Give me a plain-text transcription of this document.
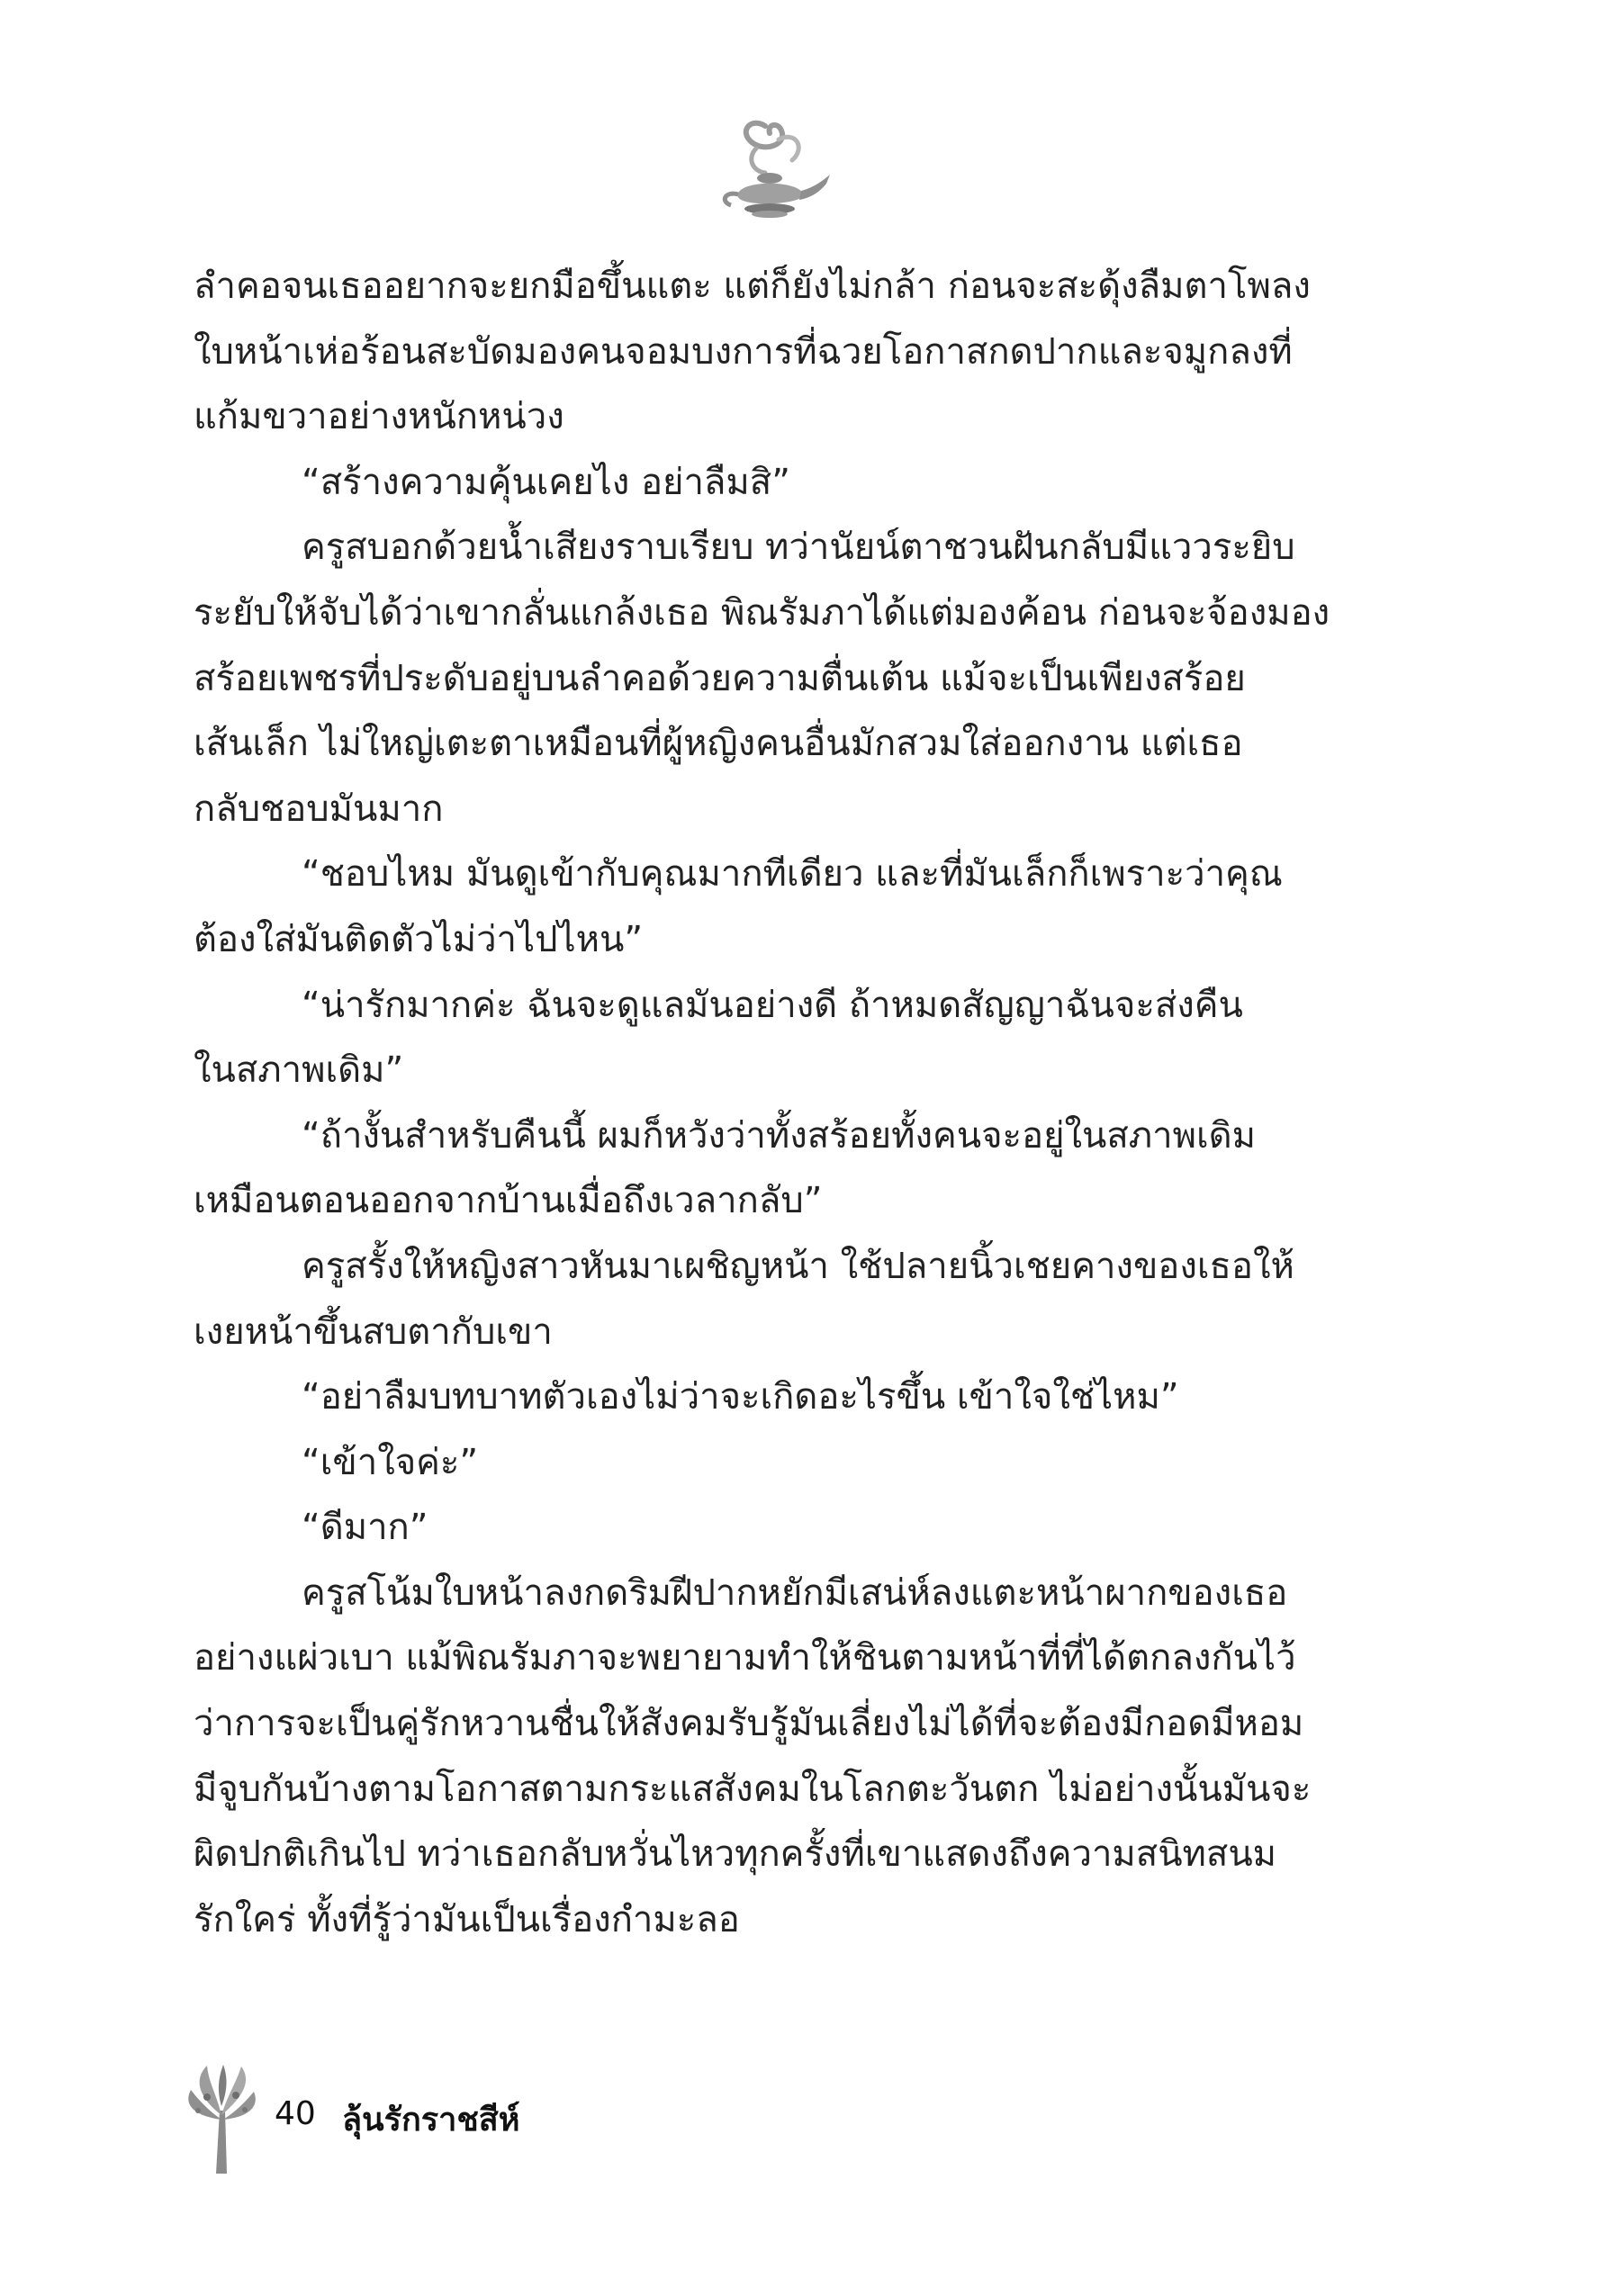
ลำคอจนเธออยากจะยกมือขึ้นแตะ แต่ก็ยังไม่กล้า ก่อนจะสะดุ้งลืมตาโพลง
ใบหน้าเห่อร้อนสะบัดมองคนจอมบงการที่ฉวยโอกาสกดปากและจมูกลงที่
แก้มขวาอย่างหนักหน่วง
“สร้างความคุ้นเคยไง อย่าลืมสิ”
ครูสบอกด้วยน้ำเสียงราบเรียบ ทว่านัยน์ตาชวนฝันกลับมีแววระยิบ
ระยับให้จับได้ว่าเขากลั่นแกล้งเธอ พิณรัมภาได้แต่มองค้อน ก่อนจะจ้องมอง
สร้อยเพชรที่ประดับอยู่บนลำคอด้วยความตื่นเต้น แม้จะเป็นเพียงสร้อย
เส้นเล็ก ไม่ใหญ่เตะตาเหมือนที่ผู้หญิงคนอื่นมักสวมใส่ออกงาน แต่เธอ
กลับชอบมันมาก
“ชอบไหม มันดูเข้ากับคุณมากทีเดียว และที่มันเล็กก็เพราะว่าคุณ
ต้องใส่มันติดตัวไม่ว่าไปไหน”
“น่ารักมากค่ะ ฉันจะดูแลมันอย่างดี ถ้าหมดสัญญาฉันจะส่งคืน
ในสภาพเดิม”
“ถ้างั้นสำหรับคืนนี้ ผมก็หวังว่าทั้งสร้อยทั้งคนจะอยู่ในสภาพเดิม
เหมือนตอนออกจากบ้านเมื่อถึงเวลากลับ”
ครูสรั้งให้หญิงสาวหันมาเผชิญหน้า ใช้ปลายนิ้วเชยคางของเธอให้
เงยหน้าขึ้นสบตากับเขา
“อย่าลืมบทบาทตัวเองไม่ว่าจะเกิดอะไรขึ้น เข้าใจใช่ไหม”
“เข้าใจค่ะ”
“ดีมาก”
ครูสโน้มใบหน้าลงกดริมฝีปากหยักมีเสน่ห์ลงแตะหน้าผากของเธอ
อย่างแผ่วเบา แม้พิณรัมภาจะพยายามทำให้ชินตามหน้าที่ที่ได้ตกลงกันไว้
ว่าการจะเป็นคู่รักหวานชื่นให้สังคมรับรู้มันเลี่ยงไม่ได้ที่จะต้องมีกอดมีหอม
มีจูบกันบ้างตามโอกาสตามกระแสสังคมในโลกตะวันตก ไม่อย่างนั้นมันจะ
ผิดปกติเกินไป ทว่าเธอกลับหวั่นไหวทุกครั้งที่เขาแสดงถึงความสนิทสนม
รักใคร่ ทั้งที่รู้ว่ามันเป็นเรื่องกำมะลอ
40 ลุ้นรักราชสีห์
